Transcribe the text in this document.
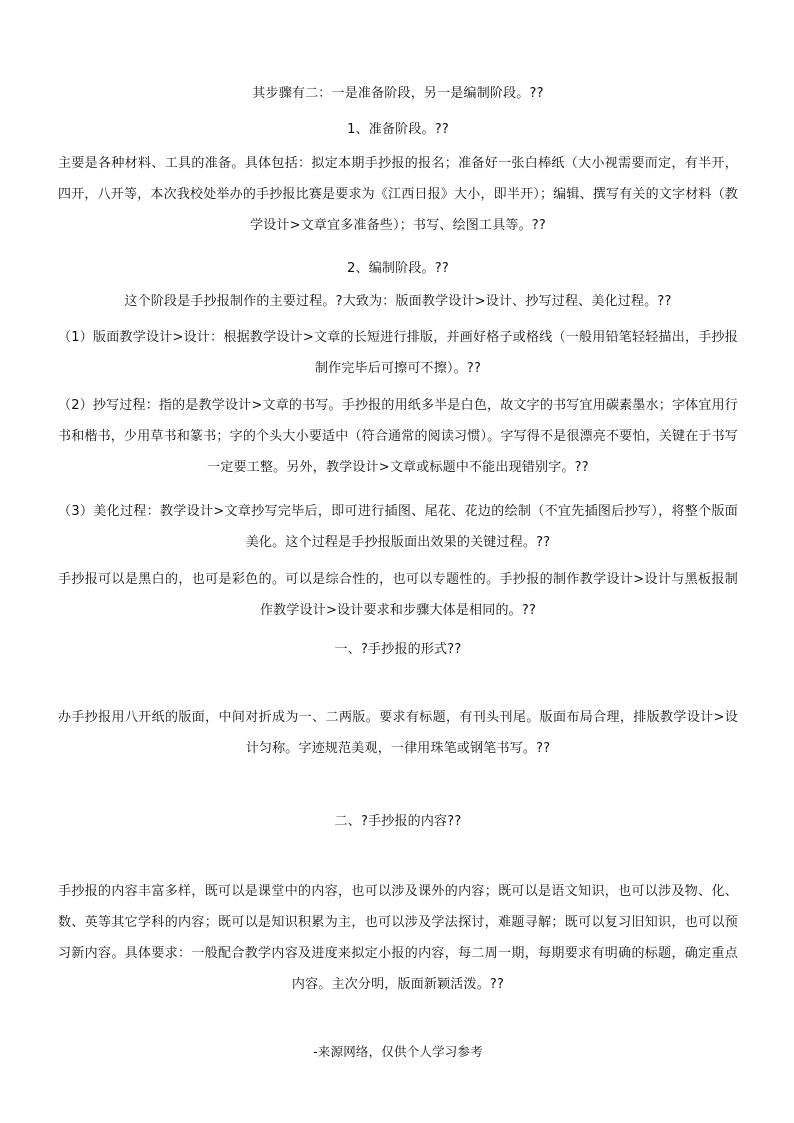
其步骤有二：一是准备阶段，另一是编制阶段。??

1、准备阶段。??

主要是各种材料、工具的准备。具体包括：拟定本期手抄报的报名；准备好一张白棒纸（大小视需要而定，有半开，四开，八开等，本次我校处举办的手抄报比赛是要求为《江西日报》大小，即半开）；编辑、撰写有关的文字材料（教学设计>文章宜多准备些）；书写、绘图工具等。??

2、编制阶段。??

这个阶段是手抄报制作的主要过程。?大致为：版面教学设计>设计、抄写过程、美化过程。??

（1）版面教学设计>设计：根据教学设计>文章的长短进行排版，并画好格子或格线（一般用铅笔轻轻描出，手抄报制作完毕后可擦可不擦）。??

（2）抄写过程：指的是教学设计>文章的书写。手抄报的用纸多半是白色，故文字的书写宜用碳素墨水；字体宜用行书和楷书，少用草书和篆书；字的个头大小要适中（符合通常的阅读习惯）。字写得不是很漂亮不要怕，关键在于书写一定要工整。另外，教学设计>文章或标题中不能出现错别字。??

（3）美化过程：教学设计>文章抄写完毕后，即可进行插图、尾花、花边的绘制（不宜先插图后抄写），将整个版面美化。这个过程是手抄报版面出效果的关键过程。??

手抄报可以是黑白的，也可是彩色的。可以是综合性的，也可以专题性的。手抄报的制作教学设计>设计与黑板报制作教学设计>设计要求和步骤大体是相同的。??

一、?手抄报的形式??

办手抄报用八开纸的版面，中间对折成为一、二两版。要求有标题，有刊头刊尾。版面布局合理，排版教学设计>设计匀称。字迹规范美观，一律用珠笔或钢笔书写。??

二、?手抄报的内容??

手抄报的内容丰富多样，既可以是课堂中的内容，也可以涉及课外的内容；既可以是语文知识，也可以涉及物、化、数、英等其它学科的内容；既可以是知识积累为主，也可以涉及学法探讨，难题寻解；既可以复习旧知识，也可以预习新内容。具体要求：一般配合教学内容及进度来拟定小报的内容，每二周一期，每期要求有明确的标题，确定重点内容。主次分明，版面新颖活泼。??

-来源网络，仅供个人学习参考
